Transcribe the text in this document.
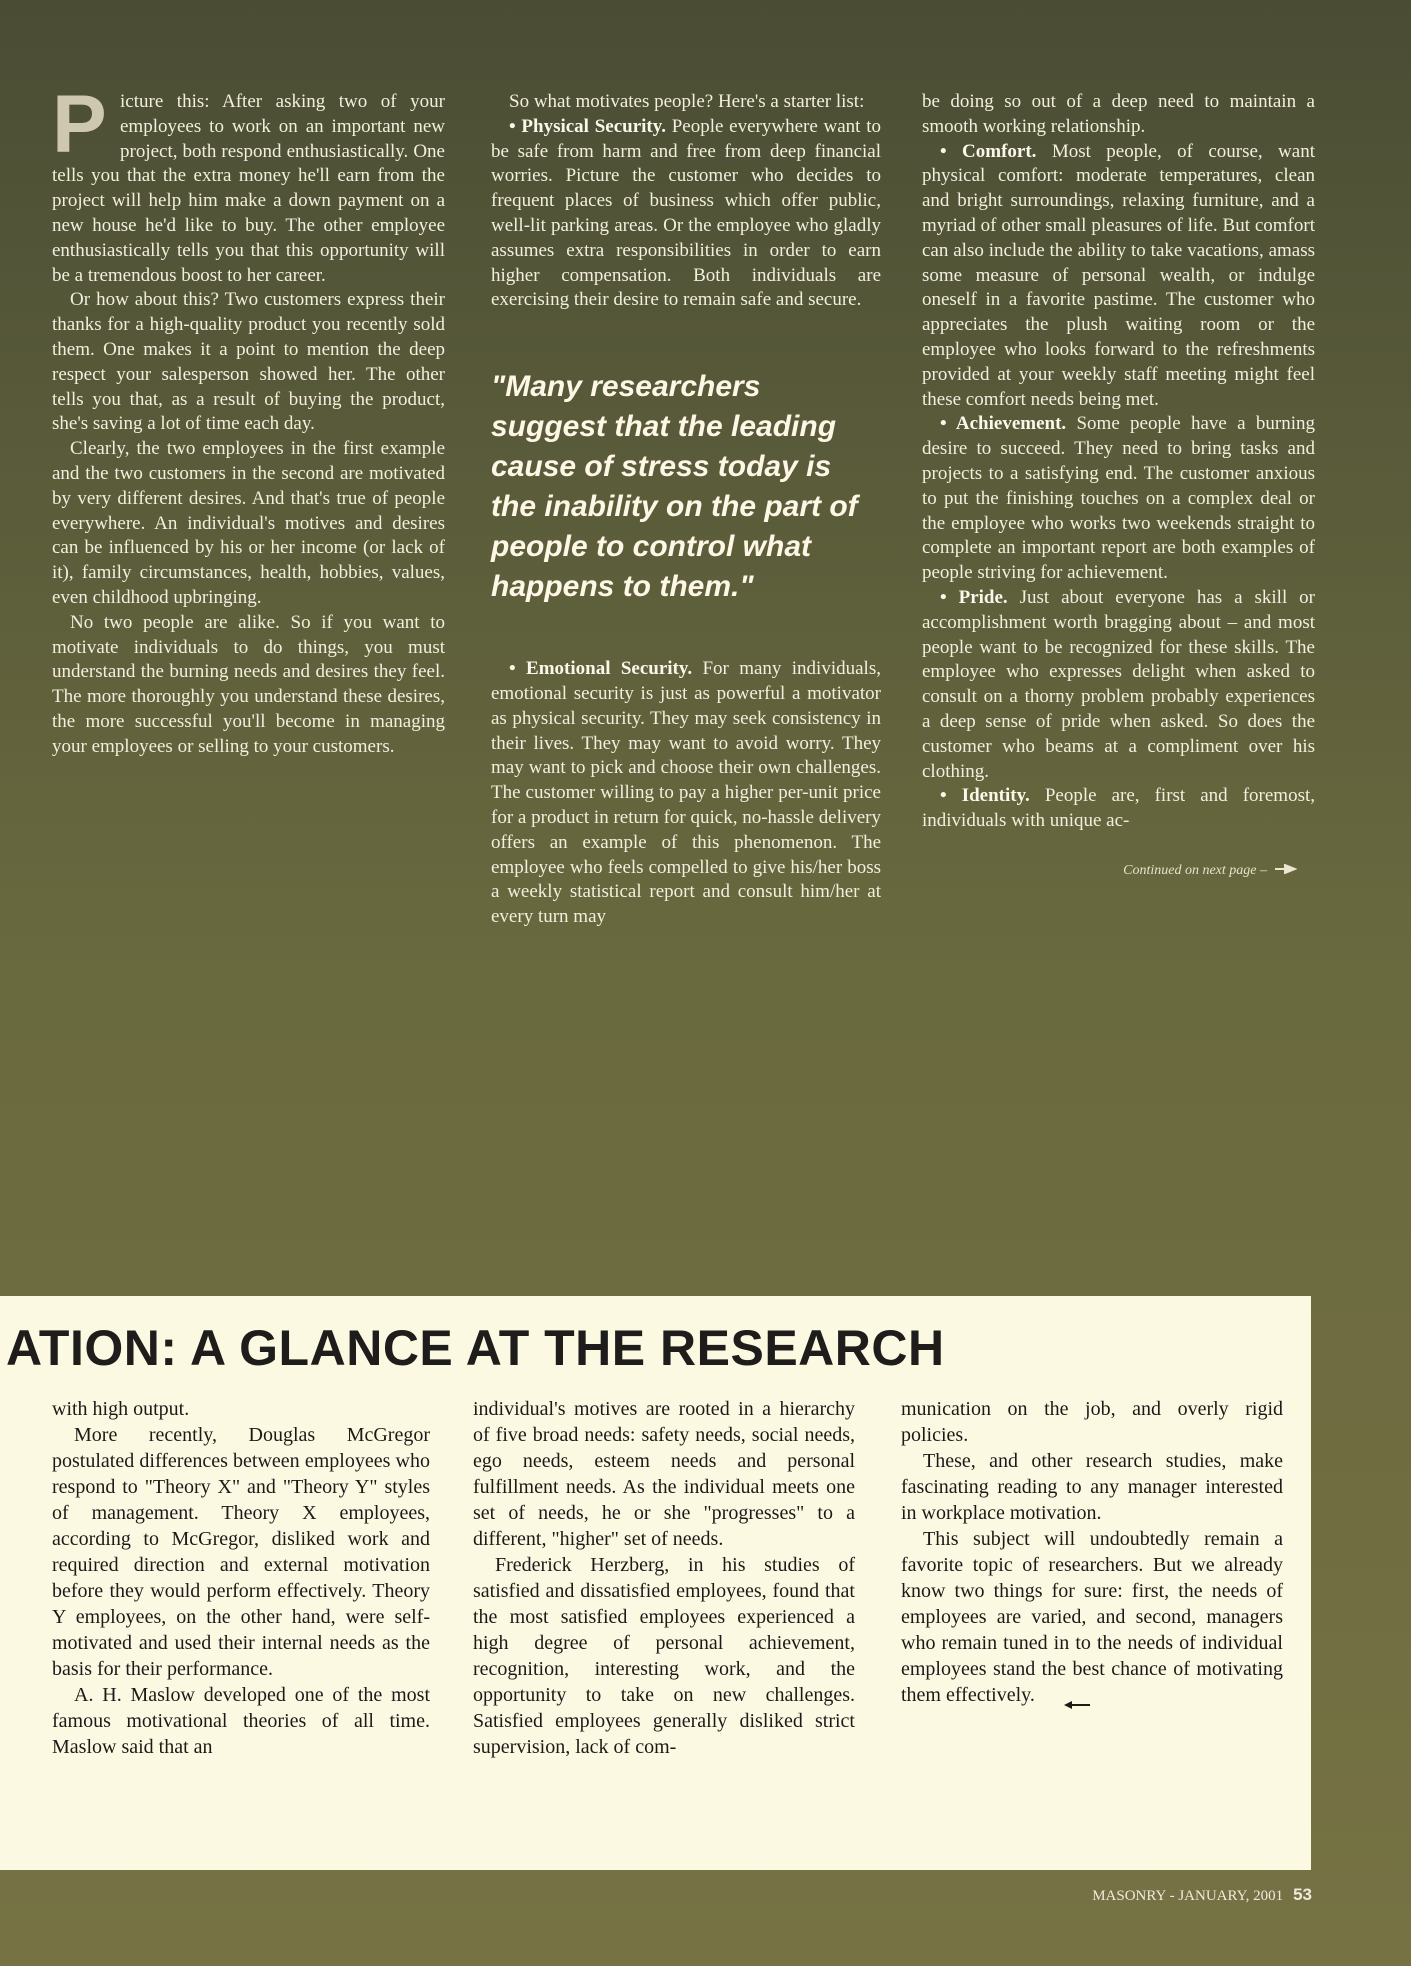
Picture this: After asking two of your employees to work on an important new project, both respond enthusiastically. One tells you that the extra money he'll earn from the project will help him make a down payment on a new house he'd like to buy. The other employee enthusiastically tells you that this opportunity will be a tremendous boost to her career.

Or how about this? Two customers express their thanks for a high-quality product you recently sold them. One makes it a point to mention the deep respect your salesperson showed her. The other tells you that, as a result of buying the product, she's saving a lot of time each day.

Clearly, the two employees in the first example and the two customers in the second are motivated by very different desires. And that's true of people everywhere. An individual's motives and desires can be influenced by his or her income (or lack of it), family circumstances, health, hobbies, values, even childhood upbringing.

No two people are alike. So if you want to motivate individuals to do things, you must understand the burning needs and desires they feel. The more thoroughly you understand these desires, the more successful you'll become in managing your employees or selling to your customers.

So what motivates people? Here's a starter list:

• Physical Security. People everywhere want to be safe from harm and free from deep financial worries. Picture the customer who decides to frequent places of business which offer public, well-lit parking areas. Or the employee who gladly assumes extra responsibilities in order to earn higher compensation. Both individuals are exercising their desire to remain safe and secure.

"Many researchers suggest that the leading cause of stress today is the inability on the part of people to control what happens to them."

• Emotional Security. For many individuals, emotional security is just as powerful a motivator as physical security. They may seek consistency in their lives. They may want to avoid worry. They may want to pick and choose their own challenges. The customer willing to pay a higher per-unit price for a product in return for quick, no-hassle delivery offers an example of this phenomenon. The employee who feels compelled to give his/her boss a weekly statistical report and consult him/her at every turn may

be doing so out of a deep need to maintain a smooth working relationship.

• Comfort. Most people, of course, want physical comfort: moderate temperatures, clean and bright surroundings, relaxing furniture, and a myriad of other small pleasures of life. But comfort can also include the ability to take vacations, amass some measure of personal wealth, or indulge oneself in a favorite pastime. The customer who appreciates the plush waiting room or the employee who looks forward to the refreshments provided at your weekly staff meeting might feel these comfort needs being met.

• Achievement. Some people have a burning desire to succeed. They need to bring tasks and projects to a satisfying end. The customer anxious to put the finishing touches on a complex deal or the employee who works two weekends straight to complete an important report are both examples of people striving for achievement.

• Pride. Just about everyone has a skill or accomplishment worth bragging about – and most people want to be recognized for these skills. The employee who expresses delight when asked to consult on a thorny problem probably experiences a deep sense of pride when asked. So does the customer who beams at a compliment over his clothing.

• Identity. People are, first and foremost, individuals with unique ac-

Continued on next page –
ATION: A GLANCE AT THE RESEARCH

with high output.

More recently, Douglas McGregor postulated differences between employees who respond to "Theory X" and "Theory Y" styles of management. Theory X employees, according to McGregor, disliked work and required direction and external motivation before they would perform effectively. Theory Y employees, on the other hand, were self-motivated and used their internal needs as the basis for their performance.

A. H. Maslow developed one of the most famous motivational theories of all time. Maslow said that an

individual's motives are rooted in a hierarchy of five broad needs: safety needs, social needs, ego needs, esteem needs and personal fulfillment needs. As the individual meets one set of needs, he or she "progresses" to a different, "higher" set of needs.

Frederick Herzberg, in his studies of satisfied and dissatisfied employees, found that the most satisfied employees experienced a high degree of personal achievement, recognition, interesting work, and the opportunity to take on new challenges. Satisfied employees generally disliked strict supervision, lack of com-

munication on the job, and overly rigid policies.

These, and other research studies, make fascinating reading to any manager interested in workplace motivation.

This subject will undoubtedly remain a favorite topic of researchers. But we already know two things for sure: first, the needs of employees are varied, and second, managers who remain tuned in to the needs of individual employees stand the best chance of motivating them effectively.

MASONRY - JANUARY, 2001 53
